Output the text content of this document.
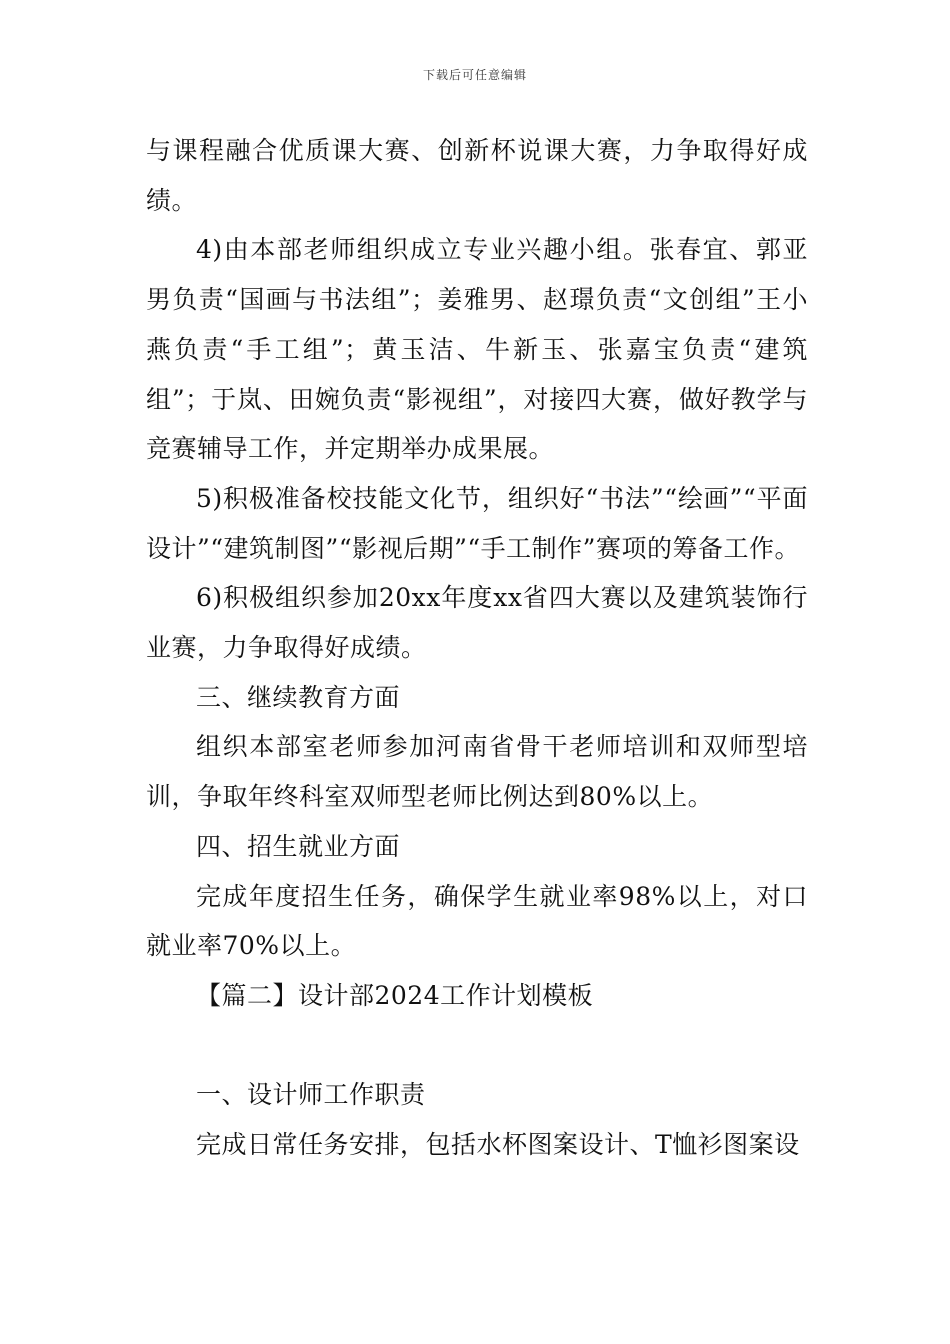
下载后可任意编辑

与课程融合优质课大赛、创新杯说课大赛，力争取得好成绩。

4)由本部老师组织成立专业兴趣小组。张春宜、郭亚男负责“国画与书法组”；姜雅男、赵璟负责“文创组”王小燕负责“手工组”；黄玉洁、牛新玉、张嘉宝负责“建筑组”；于岚、田婉负责“影视组”，对接四大赛，做好教学与竞赛辅导工作，并定期举办成果展。

5)积极准备校技能文化节，组织好“书法”“绘画”“平面设计”“建筑制图”“影视后期”“手工制作”赛项的筹备工作。

6)积极组织参加20xx年度xx省四大赛以及建筑装饰行业赛，力争取得好成绩。

三、继续教育方面

组织本部室老师参加河南省骨干老师培训和双师型培训，争取年终科室双师型老师比例达到80%以上。

四、招生就业方面

完成年度招生任务，确保学生就业率98%以上，对口就业率70%以上。

【篇二】设计部2024工作计划模板

一、设计师工作职责

完成日常任务安排，包括水杯图案设计、T恤衫图案设
